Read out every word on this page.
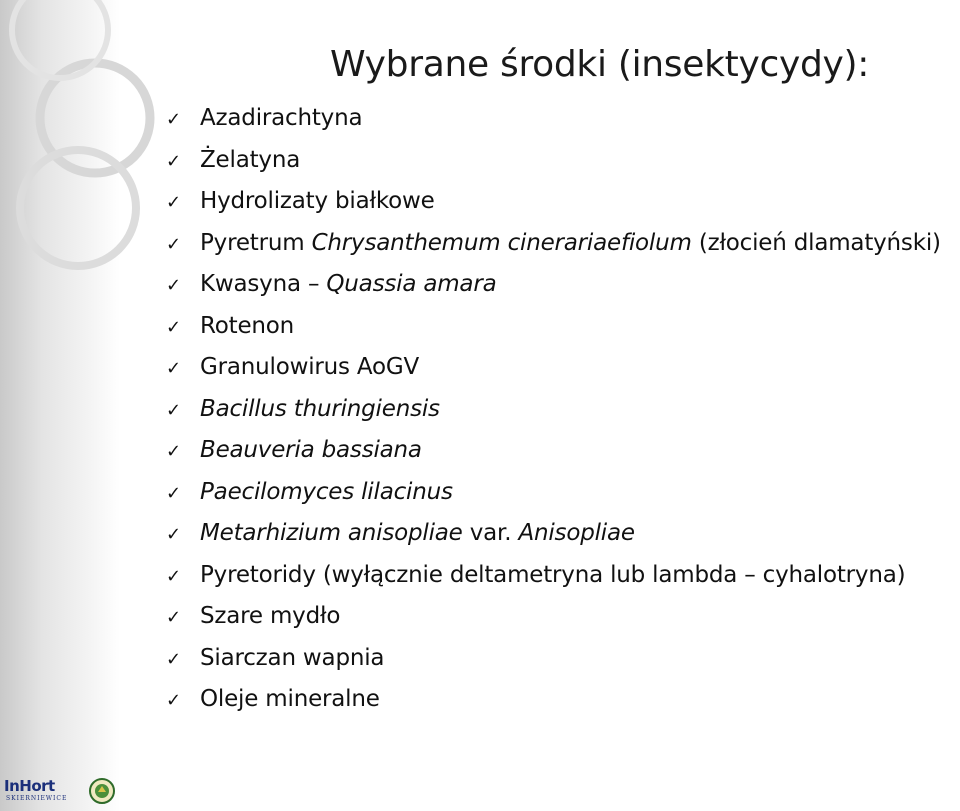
Wybrane środki (insektycydy):
✓ Azadirachtyna
✓ Żelatyna
✓ Hydrolizaty białkowe
✓ Pyretrum Chrysanthemum cinerariaefiolum (złocień dlamatyński)
✓ Kwasyna – Quassia amara
✓ Rotenon
✓ Granulowirus AoGV
✓ Bacillus thuringiensis
✓ Beauveria bassiana
✓ Paecilomyces lilacinus
✓ Metarhizium anisopliae var. Anisopliae
✓ Pyretoridy (wyłącznie deltametryna lub lambda – cyhalotryna)
✓ Szare mydło
✓ Siarczan wapnia
✓ Oleje mineralne
InHort
SKIERNIEWICE
